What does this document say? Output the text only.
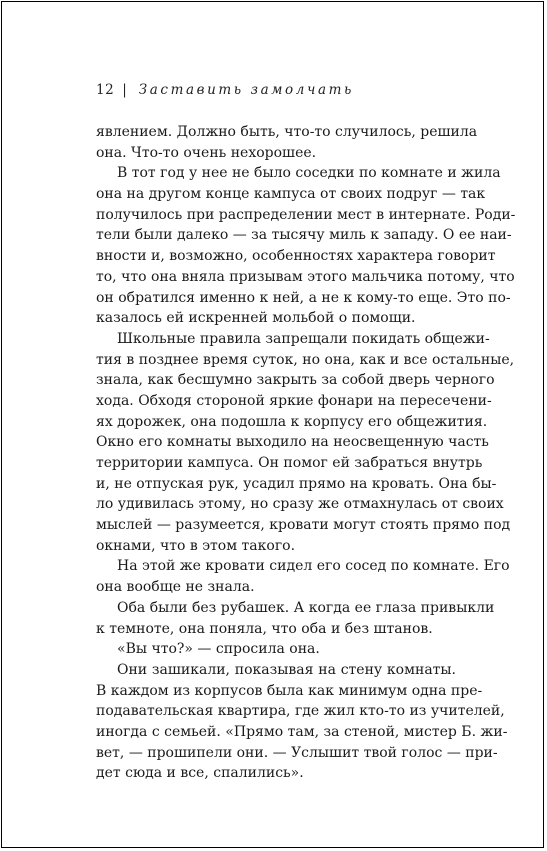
12 | Заставить замолчать
явлением. Должно быть, что-то случилось, решила
она. Что-то очень нехорошее.
В тот год у нее не было соседки по комнате и жила
она на другом конце кампуса от своих подруг — так
получилось при распределении мест в интернате. Роди-
тели были далеко — за тысячу миль к западу. О ее наи-
вности и, возможно, особенностях характера говорит
то, что она вняла призывам этого мальчика потому, что
он обратился именно к ней, а не к кому-то еще. Это по-
казалось ей искренней мольбой о помощи.
Школьные правила запрещали покидать общежи-
тия в позднее время суток, но она, как и все остальные,
знала, как бесшумно закрыть за собой дверь черного
хода. Обходя стороной яркие фонари на пересечени-
ях дорожек, она подошла к корпусу его общежития.
Окно его комнаты выходило на неосвещенную часть
территории кампуса. Он помог ей забраться внутрь
и, не отпуская рук, усадил прямо на кровать. Она бы-
ло удивилась этому, но сразу же отмахнулась от своих
мыслей — разумеется, кровати могут стоять прямо под
окнами, что в этом такого.
На этой же кровати сидел его сосед по комнате. Его
она вообще не знала.
Оба были без рубашек. А когда ее глаза привыкли
к темноте, она поняла, что оба и без штанов.
«Вы что?» — спросила она.
Они зашикали, показывая на стену комнаты.
В каждом из корпусов была как минимум одна пре-
подавательская квартира, где жил кто-то из учителей,
иногда с семьей. «Прямо там, за стеной, мистер Б. жи-
вет, — прошипели они. — Услышит твой голос — при-
дет сюда и все, спалились».
